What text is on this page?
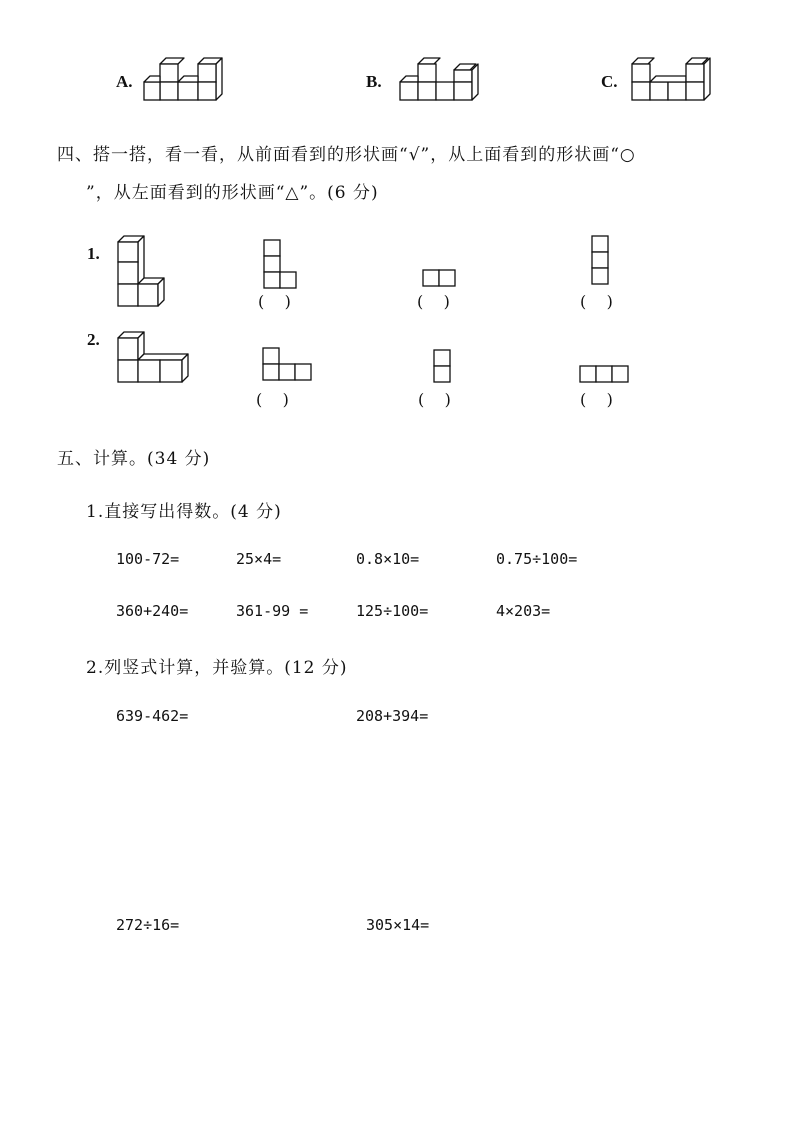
A.	B.	C.
四、搭一搭，看一看，从前面看到的形状画“√”，从上面看到的形状画“○
”，从左面看到的形状画“△”。(6 分)
1.
(    )	(    )	(    )
2.
(    )	(    )	(    )
五、计算。(34 分)
1.直接写出得数。(4 分)
100-72=	25×4=	0.8×10=	0.75÷100=
360+240=	361-99 =	125÷100=	4×203=
2.列竖式计算，并验算。(12 分)
639-462=	208+394=
272÷16=	305×14=
